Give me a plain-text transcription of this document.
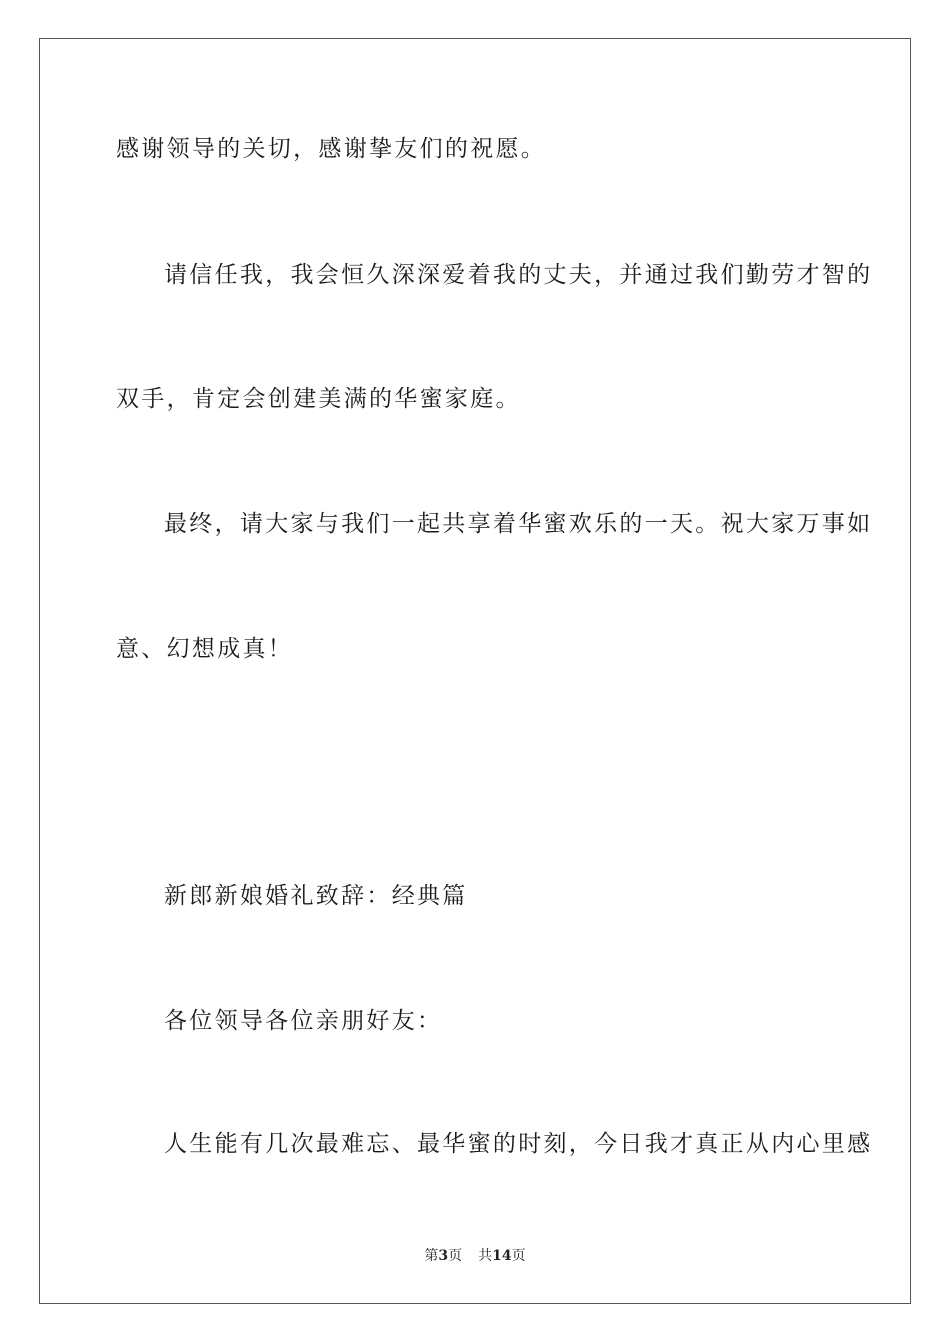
感谢领导的关切，感谢挚友们的祝愿。
请信任我，我会恒久深深爱着我的丈夫，并通过我们勤劳才智的
双手，肯定会创建美满的华蜜家庭。
最终，请大家与我们一起共享着华蜜欢乐的一天。祝大家万事如
意、幻想成真！
新郎新娘婚礼致辞：经典篇
各位领导各位亲朋好友：
人生能有几次最难忘、最华蜜的时刻，今日我才真正从内心里感
第3页 共14页
